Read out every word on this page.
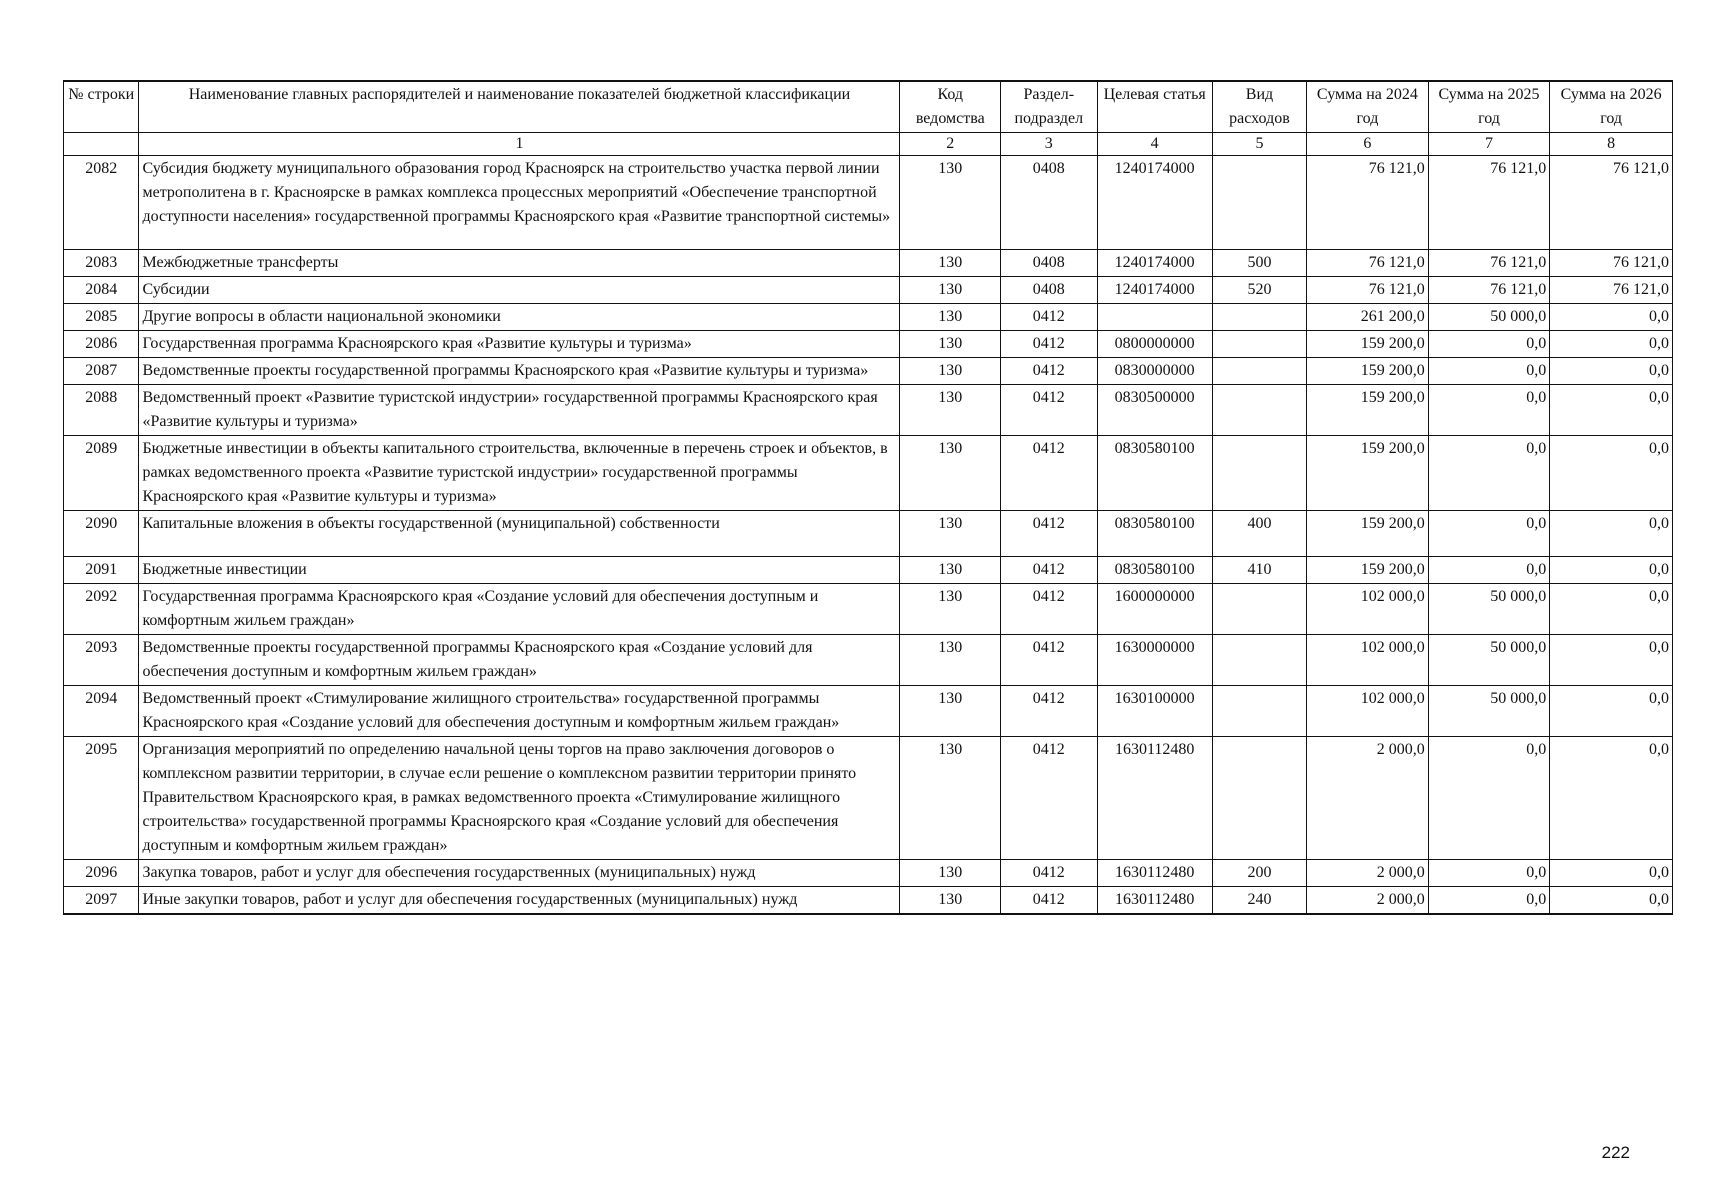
№ строки	Наименование главных распорядителей и наименование показателей бюджетной классификации	Код ведомства	Раздел-подраздел	Целевая статья	Вид расходов	Сумма на 2024 год	Сумма на 2025 год	Сумма на 2026 год
	1	2	3	4	5	6	7	8
2082	Субсидия бюджету муниципального образования город Красноярск на строительство участка первой линии метрополитена в г. Красноярске в рамках комплекса процессных мероприятий «Обеспечение транспортной доступности населения» государственной программы Красноярского края «Развитие транспортной системы»	130	0408	1240174000		76 121,0	76 121,0	76 121,0
2083	Межбюджетные трансферты	130	0408	1240174000	500	76 121,0	76 121,0	76 121,0
2084	Субсидии	130	0408	1240174000	520	76 121,0	76 121,0	76 121,0
2085	Другие вопросы в области национальной экономики	130	0412			261 200,0	50 000,0	0,0
2086	Государственная программа Красноярского края «Развитие культуры и туризма»	130	0412	0800000000		159 200,0	0,0	0,0
2087	Ведомственные проекты государственной программы Красноярского края «Развитие культуры и туризма»	130	0412	0830000000		159 200,0	0,0	0,0
2088	Ведомственный проект «Развитие туристской индустрии» государственной программы Красноярского края «Развитие культуры и туризма»	130	0412	0830500000		159 200,0	0,0	0,0
2089	Бюджетные инвестиции в объекты капитального строительства, включенные в перечень строек и объектов, в рамках ведомственного проекта «Развитие туристской индустрии» государственной программы Красноярского края «Развитие культуры и туризма»	130	0412	0830580100		159 200,0	0,0	0,0
2090	Капитальные вложения в объекты государственной (муниципальной) собственности	130	0412	0830580100	400	159 200,0	0,0	0,0
2091	Бюджетные инвестиции	130	0412	0830580100	410	159 200,0	0,0	0,0
2092	Государственная программа Красноярского края «Создание условий для обеспечения доступным и комфортным жильем граждан»	130	0412	1600000000		102 000,0	50 000,0	0,0
2093	Ведомственные проекты государственной программы Красноярского края «Создание условий для обеспечения доступным и комфортным жильем граждан»	130	0412	1630000000		102 000,0	50 000,0	0,0
2094	Ведомственный проект «Стимулирование жилищного строительства» государственной программы Красноярского края «Создание условий для обеспечения доступным и комфортным жильем граждан»	130	0412	1630100000		102 000,0	50 000,0	0,0
2095	Организация мероприятий по определению начальной цены торгов на право заключения договоров о комплексном развитии территории, в случае если решение о комплексном развитии территории принято Правительством Красноярского края, в рамках ведомственного проекта «Стимулирование жилищного строительства» государственной программы Красноярского края «Создание условий для обеспечения доступным и комфортным жильем граждан»	130	0412	1630112480		2 000,0	0,0	0,0
2096	Закупка товаров, работ и услуг для обеспечения государственных (муниципальных) нужд	130	0412	1630112480	200	2 000,0	0,0	0,0
2097	Иные закупки товаров, работ и услуг для обеспечения государственных (муниципальных) нужд	130	0412	1630112480	240	2 000,0	0,0	0,0
222
